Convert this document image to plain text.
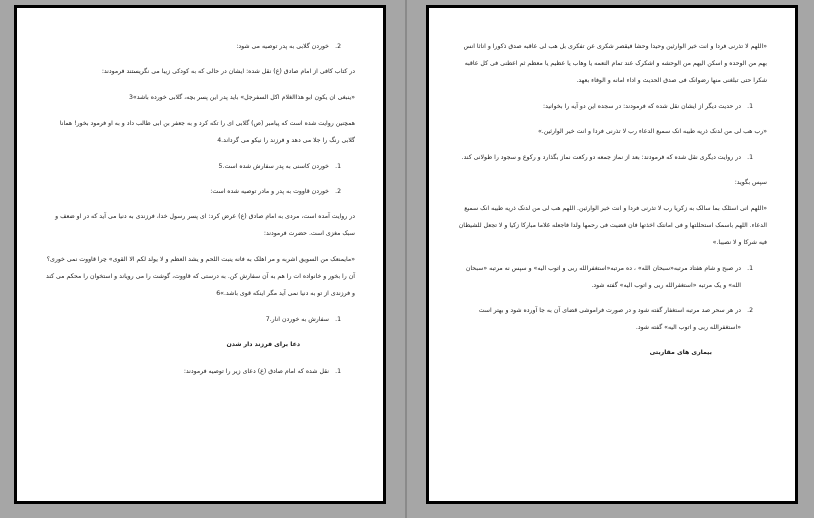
2.
خوردن گلابی به پدر توصیه می شود:
در کتاب کافی از امام صادق (ع) نقل شده: ایشان در حالی که به کودکی زیبا می نگریستند فرمودند:
«ینبغی ان یکون ابو هذاالغلام اکل السفرجل» باید پدر این پسر بچه، گلابی خورده باشد»3
همچنین روایت شده است که پیامبر (ص) گلابی ای را تکه کرد و به جعفر بن ابی طالب داد و به او فرمود بخور! همانا گلابی رنگ را جلا می دهد و فرزند را نیکو می گرداند.4
1.
خوردن کاسنی به پدر سفارش شده است.5
2.
خوردن قاووت به پدر و مادر توصیه شده است:
در روایت آمده است، مردی به امام صادق (ع) عرض کرد: ای پسر رسول خدا، فرزندی به دنیا می آید که در او ضعف و سبک مغزی است. حضرت فرمودند:
«مایمنعک من السویق اشربه و مر اهلک به فانه ینبت اللحم و یشد العظم و لا یولد لکم الا القوی» چرا قاووت نمی خوری؟ آن را بخور و خانواده ات را هم به آن سفارش کن. به درستی که قاووت، گوشت را می رویاند و استخوان را محکم می کند و فرزندی از تو به دنیا نمی آید مگر اینکه قوی باشد.»6
1.
سفارش به خوردن انار.7
دعا برای فرزند دار شدن
1.
نقل شده که امام صادق (ع) دعای زیر را توصیه فرمودند:
«اللهم لا تذرنی فردا و انت خیر الوارثین وحیدا وحشا فیقصر شکری عن تفکری بل هب لی عاقبه صدق ذکورا و اناثا انس بهم من الوحده و اسکن الیهم من الوحشه و اشکرک عند تمام النعمه یا وهاب یا عظیم یا معظم ثم اعطنی فی کل عاقبه شکرا حتی تبلغنی منها رضوانک فی صدق الحدیث و اداء امانه و الوفاء بعهد.
1.
در حدیث دیگر از ایشان نقل شده که فرمودند: در سجده این دو آیه را بخوانید:
«رب هب لی من لدنک ذریه طیبه انک سمیع الدعاء رب لا تذرنی فردا و انت خیر الوارثین.»
1.
در روایت دیگری نقل شده که فرمودند: بعد از نماز جمعه دو رکعت نماز بگذارد و رکوع و سجود را طولانی کند.
سپس بگوید:
«اللهم انی اسئلک بما سالک به زکریا رب لا تذرنی فردا و انت خیر الوارثین. اللهم هب لی من لدنک ذریه طیبه انک سمیع الدعاء. اللهم باسمک استحللتها و فی امانتک اخذتها فان قضیت فی رحمها ولدا فاجعله غلاما مبارکا زکیا و لا تجعل للشیطان فیه شرکا و لا نصیبا.»
1.
در صبح و شام هفتاد مرتبه«سبحان الله» ، ده مرتبه«استغفرالله ربی و اتوب الیه» و سپس نه مرتبه «سبحان الله» و یک مرتبه «استغفرالله ربی و اتوب الیه» گفته شود.
2.
در هر سحر صد مرتبه استغفار گفته شود و در صورت فراموشی قضای آن به جا آورده شود و بهتر است «استغفرالله ربی و اتوب الیه» گفته شود.
بیماری های مقاربتی
